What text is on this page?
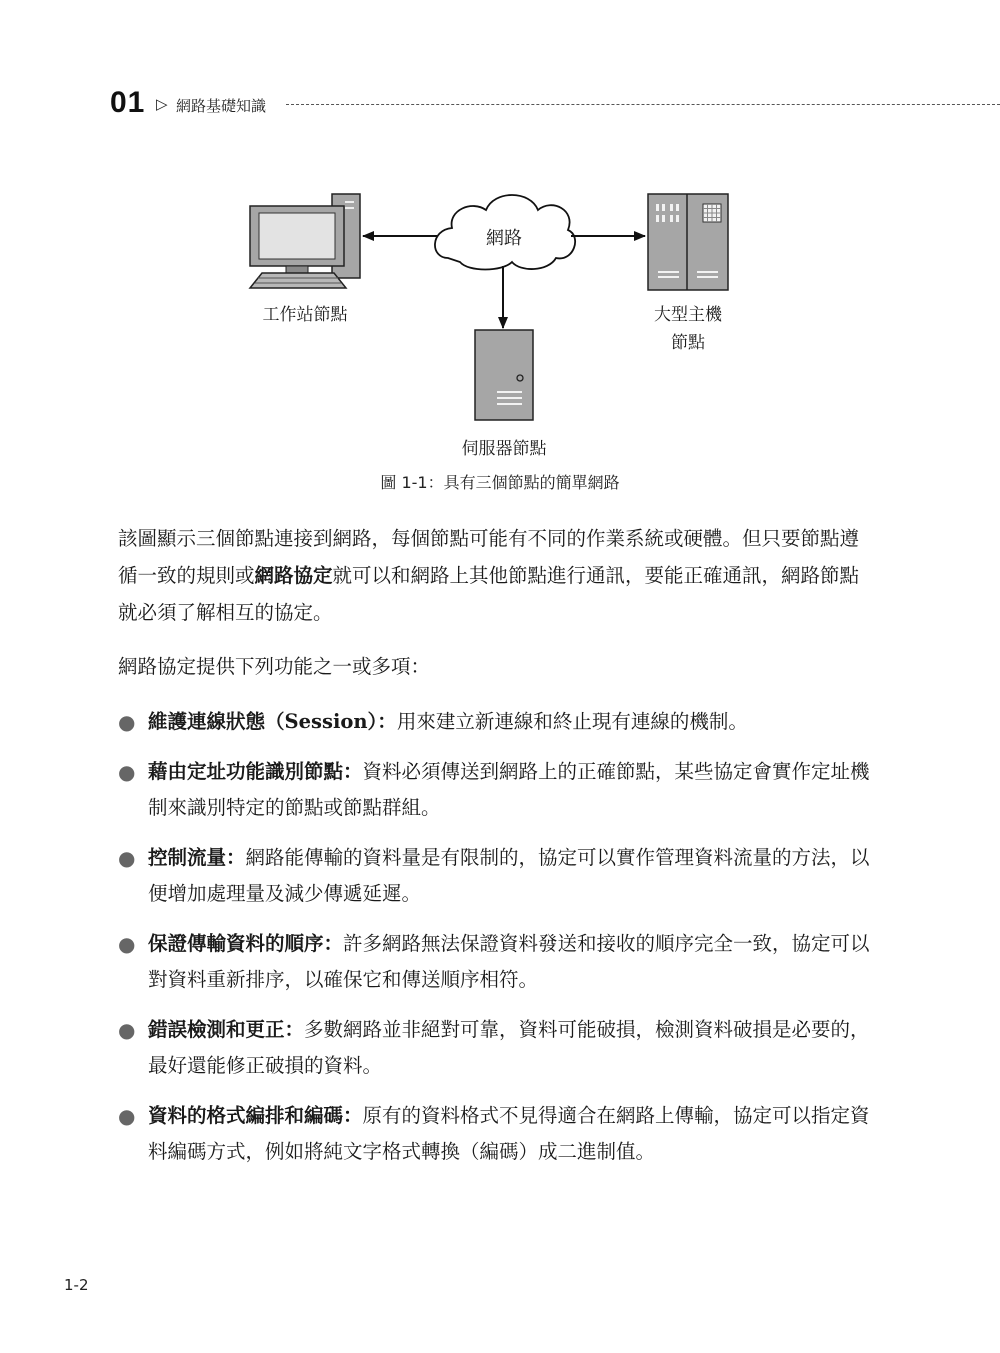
01 ▷ 網路基礎知識
網路
工作站節點	大型主機
節點
伺服器節點
圖 1-1：具有三個節點的簡單網路
該圖顯示三個節點連接到網路，每個節點可能有不同的作業系統或硬體。但只要節點遵循一致的規則或網路協定就可以和網路上其他節點進行通訊，要能正確通訊，網路節點就必須了解相互的協定。
網路協定提供下列功能之一或多項：
● 維護連線狀態（Session）：用來建立新連線和終止現有連線的機制。
● 藉由定址功能識別節點：資料必須傳送到網路上的正確節點，某些協定會實作定址機制來識別特定的節點或節點群組。
● 控制流量：網路能傳輸的資料量是有限制的，協定可以實作管理資料流量的方法，以便增加處理量及減少傳遞延遲。
● 保證傳輸資料的順序：許多網路無法保證資料發送和接收的順序完全一致，協定可以對資料重新排序，以確保它和傳送順序相符。
● 錯誤檢測和更正：多數網路並非絕對可靠，資料可能破損，檢測資料破損是必要的，最好還能修正破損的資料。
● 資料的格式編排和編碼：原有的資料格式不見得適合在網路上傳輸，協定可以指定資料編碼方式，例如將純文字格式轉換（編碼）成二進制值。
1-2
